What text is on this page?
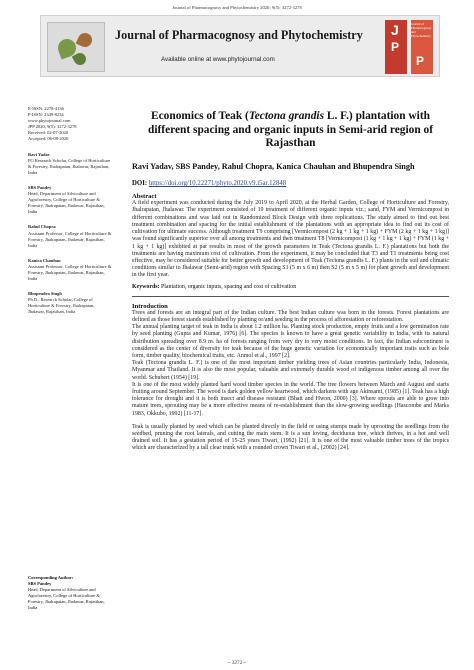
Journal of Pharmacognosy and Phytochemistry 2020; 9(5): 3272-3278
Journal of Pharmacognosy and Phytochemistry
Available online at www.phytojournal.com
J
P
P
Journal of Pharmacognosy and Phytochemistry

E-ISSN: 2278-4136

P-ISSN: 2349-8234

www.phytojournal.com

JPP 2020; 9(5): 3272-3278

Received: 02-07-2020

Accepted: 06-08-2020

Ravi Yadav
PG Research Scholar, College of Horticulture & Forestry, Jhalrapatan, Jhalawar, Rajasthan, India
SBS Pandey
Head, Department of Silviculture and Agroforestry, College of Horticulture & Forestry, Jhalrapatan, Jhalawar, Rajasthan, India
Rahul Chopra
Assistant Professor, College of Horticulture & Forestry, Jhalrapatan, Jhalawar, Rajasthan, India
Kanica Chauhan
Assistant Professor, College of Horticulture & Forestry, Jhalrapatan, Jhalawar, Rajasthan, India
Bhupendra Singh
Ph.D., Research Scholar, College of Horticulture & Forestry, Jhalrapatan, Jhalawar, Rajasthan, India
Corresponding Author:
SBS Pandey
Head, Department of Silviculture and Agroforestry, College of Horticulture & Forestry, Jhalrapatan, Jhalawar, Rajasthan, India
Economics of Teak (Tectona grandis L. F.) plantation with different spacing and organic inputs in Semi-arid region of Rajasthan
Ravi Yadav, SBS Pandey, Rahul Chopra, Kanica Chauhan and Bhupendra Singh
DOI: https://doi.org/10.22271/phyto.2020.v9.i5ar.12848
Abstract

A field experiment was conducted during the July 2019 to April 2020, at the Herbal Garden, College of Horticulture and Forestry, Jhalrapatan, Jhalawar. The experiment consisted of 10 treatment of different organic inputs viz.; sand, FYM and Vermicompost in different combinations and was laid out in Randomized Block Design with three replications. The study aimed to find out best treatment combination and spacing for the initial establishment of the plantations with an appropriate idea to find out its cost of cultivation for ultimate success. Although treatment T9 comprising [Vermicompost (2 kg + 1 kg + 1 kg) + FYM (2 kg + 1 kg + 1 kg)] was found significantly superior over all among treatments and then treatment T8 [Vermicompost (1 kg + 1 kg + 1 kg) + FYM (1 kg + 1 kg + 1 kg)] exhibited at par results in most of the growth parameters in Teak (Tectona grandis L. F.) plantations but both the treatments are having maximum cost of cultivation. From the experiment, it may be concluded that T3 and T1 treatments being cost effective, may be considered suitable for better growth and development of Teak (Tectona grandis L. F.) plants in the soil and climatic conditions similar to Jhalawar (Semi-arid) region with Spacing S1 (5 m x 6 m) then S2 (5 m x 5 m) for plant growth and development in the first year.

Keywords: Plantation, organic inputs, spacing and cost of cultivation
Introduction

Trees and forests are an integral part of the Indian culture. The best Indian culture was born in the forests. Forest plantations are defined as those forest stands established by planting or/and seeding in the process of afforestation or reforestation.

The annual planting target of teak in India is about 1.2 million ha. Planting stock production, empty fruits and a low germination rate by seed planting (Gupta and Kumar, 1976) [6]. The species is known to have a great genetic variability in India, with its natural distribution spreading over 8.9 m. ha of forests ranging from very dry to very moist conditions. In fact, the Indian subcontinent is considered as the center of diversity for teak because of the huge genetic variation for economically important traits such as bole form, timber quality, biochemical traits, etc. Anmol et al., 1997 [2].

Teak (Tectona grandis L. F.) is one of the most important timber yielding trees of Asian countries particularly India, Indonesia, Myanmar and Thailand. It is also the most popular, valuable and extremely durable wood of indigenous timber among all over the world. Schubert (1954) [19].

It is one of the most widely planted hard wood timber species in the world. The tree flowers between March and August and starts fruiting around September. The wood is dark golden yellow heartwood, which darkens with age Akinsami, (1985) [1]. Teak has a high tolerance for drought and it is both insect and disease resistant (Bhatt and Hwon, 2000) [3]. Where sprouts are able to grow into mature trees, sprouting may be a more effective means of re-establishment than the slow-growing seedlings (Hascombe and Marks 1983, Okkubo, 1992) [11-17].

Teak is usually planted by seed which can be planted directly in the field or using stumps made by uprooting the seedlings from the seedbed, pruning the root laterals, and cutting the main stem. It is a sun loving, deciduous tree, which thrives, in a hot and well drained soil. It has a gestation period of 15-25 years Tiwari, (1992) [21]. It is one of the most valuable timber trees of the tropics which are characterized by a tall clear trunk with a rounded crown Tiwari et al., (2002) [24].

~ 3272 ~
